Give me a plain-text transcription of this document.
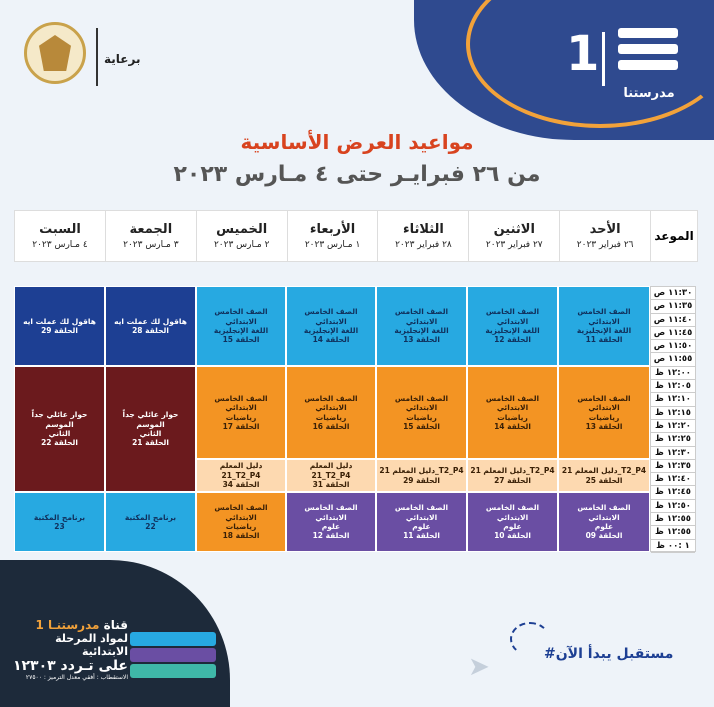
1
مدرستنا
برعاية
مواعيد العرض الأساسية
من ٢٦ فبرايـر حتى ٤ مـارس ٢٠٢٣
الموعد
الأحد
٢٦ فبراير ٢٠٢٣
الاثنين
٢٧ فبراير ٢٠٢٣
الثلاثاء
٢٨ فبراير ٢٠٢٣
الأربعاء
١ مـارس ٢٠٢٣
الخميس
٢ مـارس ٢٠٢٣
الجمعة
٣ مـارس ٢٠٢٣
السبت
٤ مـارس ٢٠٢٣
١١:٣٠ ص
١١:٣٥ ص
١١:٤٠ ص
١١:٤٥ ص
١١:٥٠ ص
١١:٥٥ ص
١٢:٠٠ ظ
١٢:٠٥ ظ
١٢:١٠ ظ
١٢:١٥ ظ
١٢:٢٠ ظ
١٢:٢٥ ظ
١٢:٣٠ ظ
١٢:٣٥ ظ
١٢:٤٠ ظ
١٢:٤٥ ظ
١٢:٥٠ ظ
١٢:٥٥ ظ
١٢:٥٥ ظ
١ :٠٠ ظ
الصف الخامس الابتدائي
اللغة الإنجليزية
الحلقة 11
الصف الخامس الابتدائي
اللغة الإنجليزية
الحلقة 12
الصف الخامس الابتدائي
اللغة الإنجليزية
الحلقة 13
الصف الخامس الابتدائي
اللغة الإنجليزية
الحلقة 14
الصف الخامس الابتدائي
اللغة الإنجليزية
الحلقة 15
هاقول لك عملت ايه
الحلقة 28
هاقول لك عملت ايه
الحلقة 29
الصف الخامس الابتدائي
رياضيات
الحلقة 13
الصف الخامس الابتدائي
رياضيات
الحلقة 14
الصف الخامس الابتدائي
رياضيات
الحلقة 15
الصف الخامس الابتدائي
رياضيات
الحلقة 16
الصف الخامس الابتدائي
رياضيات
الحلقة 17
حوار عائلي جداً الموسم
الثاني
الحلقة 21
حوار عائلي جداً الموسم
الثاني
الحلقة 22
دليل المعلم 21_T2_P4
الحلقة 25
دليل المعلم 21_T2_P4
الحلقة 27
دليل المعلم 21_T2_P4
الحلقة 29
دليل المعلم 21_T2_P4
الحلقة 31
دليل المعلم 21_T2_P4
الحلقة 34
الصف الخامس الابتدائي
علوم
الحلقة 09
الصف الخامس الابتدائي
علوم
الحلقة 10
الصف الخامس الابتدائي
علوم
الحلقة 11
الصف الخامس الابتدائي
علوم
الحلقة 12
الصف الخامس الابتدائي
رياضيات
الحلقة 18
برنامج المكتبة
22
برنامج المكتبة
23
قناة مدرستنـا 1
لمواد المرحلة الابتدائية
على تـردد ١٢٣٠٣
الاستقطاب : أفقي معدل الترميز : ٢٧٥٠٠	➤	#مستقبل يبدأ الآن
